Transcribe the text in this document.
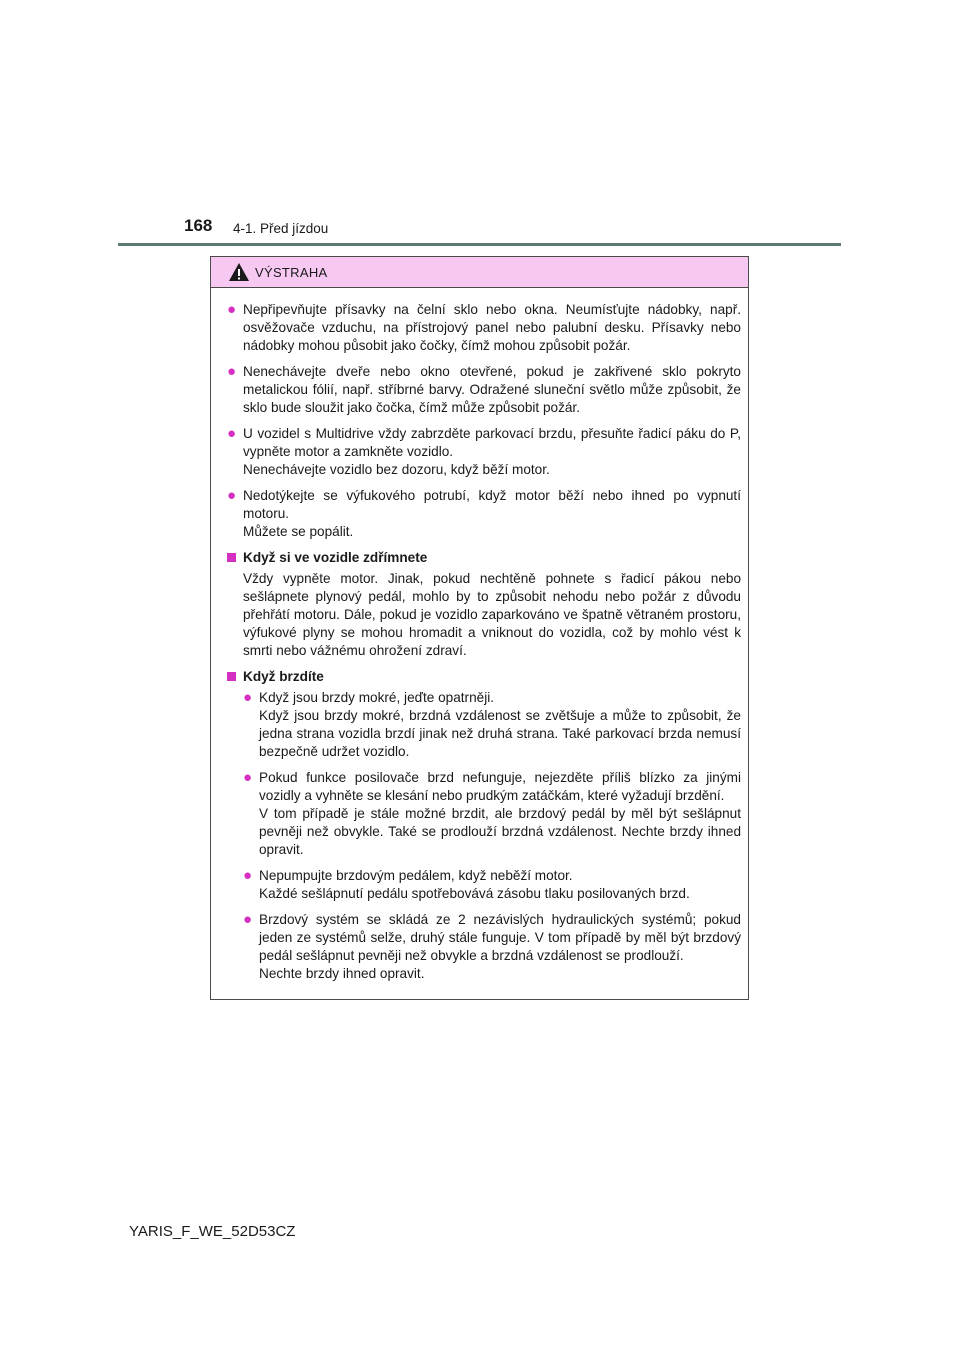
168 4-1. Před jízdou
VÝSTRAHA
● Nepřipevňujte přísavky na čelní sklo nebo okna. Neumísťujte nádobky, např. osvěžovače vzduchu, na přístrojový panel nebo palubní desku. Přísavky nebo nádobky mohou působit jako čočky, čímž mohou způsobit požár.
● Nenechávejte dveře nebo okno otevřené, pokud je zakřivené sklo pokryto metalickou fólií, např. stříbrné barvy. Odražené sluneční světlo může způsobit, že sklo bude sloužit jako čočka, čímž může způsobit požár.
● U vozidel s Multidrive vždy zabrzděte parkovací brzdu, přesuňte řadicí páku do P, vypněte motor a zamkněte vozidlo.
Nenechávejte vozidlo bez dozoru, když běží motor.
● Nedotýkejte se výfukového potrubí, když motor běží nebo ihned po vypnutí motoru.
Můžete se popálit.
Když si ve vozidle zdřímnete
Vždy vypněte motor. Jinak, pokud nechtěně pohnete s řadicí pákou nebo sešlápnete plynový pedál, mohlo by to způsobit nehodu nebo požár z důvodu přehřátí motoru. Dále, pokud je vozidlo zaparkováno ve špatně větraném prostoru, výfukové plyny se mohou hromadit a vniknout do vozidla, což by mohlo vést k smrti nebo vážnému ohrožení zdraví.
Když brzdíte
● Když jsou brzdy mokré, jeďte opatrněji.
Když jsou brzdy mokré, brzdná vzdálenost se zvětšuje a může to způsobit, že jedna strana vozidla brzdí jinak než druhá strana. Také parkovací brzda nemusí bezpečně udržet vozidlo.
● Pokud funkce posilovače brzd nefunguje, nejezděte příliš blízko za jinými vozidly a vyhněte se klesání nebo prudkým zatáčkám, které vyžadují brzdění.
V tom případě je stále možné brzdit, ale brzdový pedál by měl být sešlápnut pevněji než obvykle. Také se prodlouží brzdná vzdálenost. Nechte brzdy ihned opravit.
● Nepumpujte brzdovým pedálem, když neběží motor.
Každé sešlápnutí pedálu spotřebovává zásobu tlaku posilovaných brzd.
● Brzdový systém se skládá ze 2 nezávislých hydraulických systémů; pokud jeden ze systémů selže, druhý stále funguje. V tom případě by měl být brzdový pedál sešlápnut pevněji než obvykle a brzdná vzdálenost se prodlouží.
Nechte brzdy ihned opravit.
YARIS_F_WE_52D53CZ
